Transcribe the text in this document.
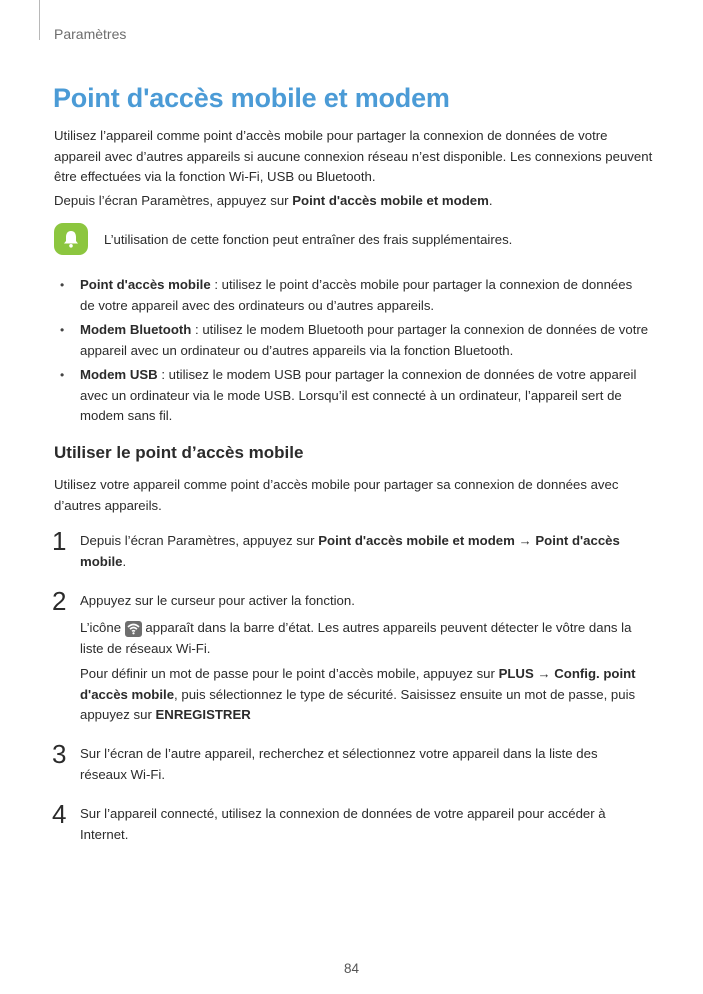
Paramètres
Point d'accès mobile et modem

Utilisez l’appareil comme point d’accès mobile pour partager la connexion de données de votre appareil avec d’autres appareils si aucune connexion réseau n’est disponible. Les connexions peuvent être effectuées via la fonction Wi-Fi, USB ou Bluetooth.

Depuis l’écran Paramètres, appuyez sur Point d'accès mobile et modem.

L’utilisation de cette fonction peut entraîner des frais supplémentaires.
• Point d'accès mobile : utilisez le point d’accès mobile pour partager la connexion de données de votre appareil avec des ordinateurs ou d’autres appareils.

• Modem Bluetooth : utilisez le modem Bluetooth pour partager la connexion de données de votre appareil avec un ordinateur ou d’autres appareils via la fonction Bluetooth.

• Modem USB : utilisez le modem USB pour partager la connexion de données de votre appareil avec un ordinateur via le mode USB. Lorsqu’il est connecté à un ordinateur, l’appareil sert de modem sans fil.

Utiliser le point d’accès mobile

Utilisez votre appareil comme point d’accès mobile pour partager sa connexion de données avec d’autres appareils.

1 Depuis l’écran Paramètres, appuyez sur Point d'accès mobile et modem → Point d'accès mobile.

2 Appuyez sur le curseur pour activer la fonction.

L’icône  apparaît dans la barre d’état. Les autres appareils peuvent détecter le vôtre dans la liste de réseaux Wi-Fi.

Pour définir un mot de passe pour le point d’accès mobile, appuyez sur PLUS → Config. point d'accès mobile, puis sélectionnez le type de sécurité. Saisissez ensuite un mot de passe, puis appuyez sur ENREGISTRER

3 Sur l’écran de l’autre appareil, recherchez et sélectionnez votre appareil dans la liste des réseaux Wi-Fi.

4 Sur l’appareil connecté, utilisez la connexion de données de votre appareil pour accéder à Internet.

84
